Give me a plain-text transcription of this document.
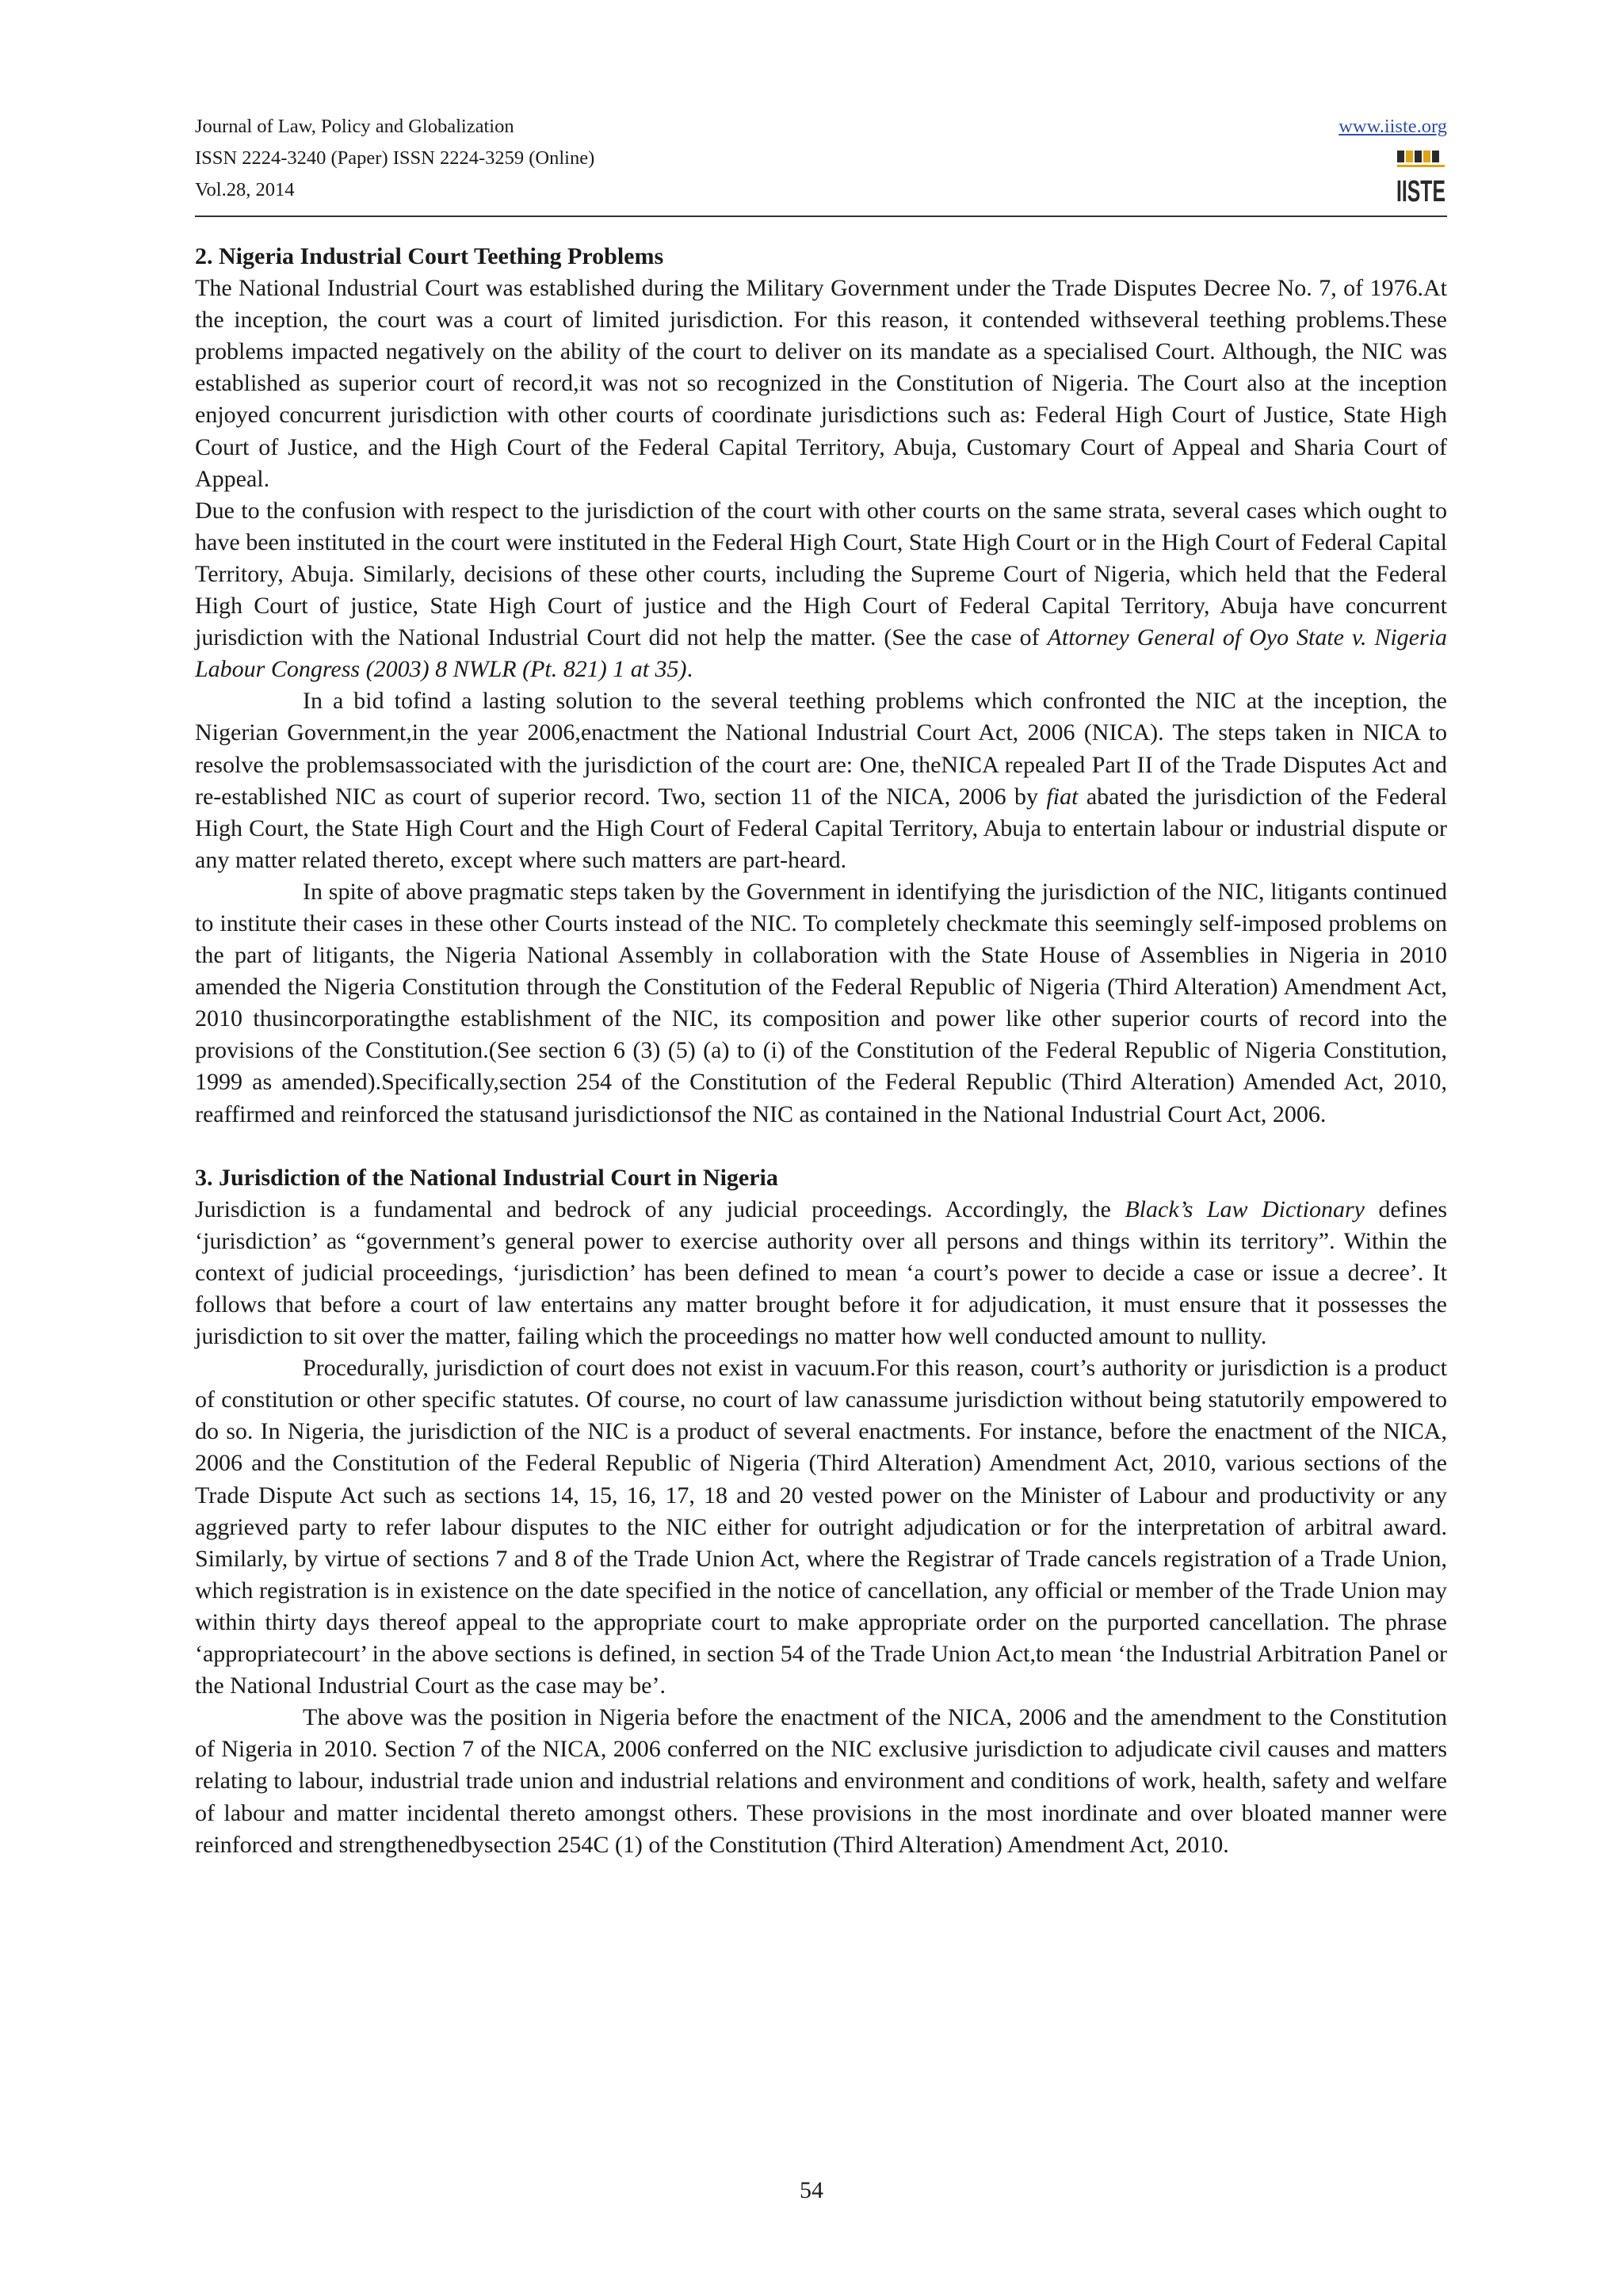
Journal of Law, Policy and Globalization
ISSN 2224-3240 (Paper) ISSN 2224-3259 (Online)
Vol.28, 2014
www.iiste.org
IISTE
2. Nigeria Industrial Court Teething Problems

The National Industrial Court was established during the Military Government under the Trade Disputes Decree No. 7, of 1976.At the inception, the court was a court of limited jurisdiction. For this reason, it contended withseveral teething problems.These problems impacted negatively on the ability of the court to deliver on its mandate as a specialised Court. Although, the NIC was established as superior court of record,it was not so recognized in the Constitution of Nigeria. The Court also at the inception enjoyed concurrent jurisdiction with other courts of coordinate jurisdictions such as: Federal High Court of Justice, State High Court of Justice, and the High Court of the Federal Capital Territory, Abuja, Customary Court of Appeal and Sharia Court of Appeal.

Due to the confusion with respect to the jurisdiction of the court with other courts on the same strata, several cases which ought to have been instituted in the court were instituted in the Federal High Court, State High Court or in the High Court of Federal Capital Territory, Abuja. Similarly, decisions of these other courts, including the Supreme Court of Nigeria, which held that the Federal High Court of justice, State High Court of justice and the High Court of Federal Capital Territory, Abuja have concurrent jurisdiction with the National Industrial Court did not help the matter. (See the case of Attorney General of Oyo State v. Nigeria Labour Congress (2003) 8 NWLR (Pt. 821) 1 at 35).

In a bid tofind a lasting solution to the several teething problems which confronted the NIC at the inception, the Nigerian Government,in the year 2006,enactment the National Industrial Court Act, 2006 (NICA). The steps taken in NICA to resolve the problemsassociated with the jurisdiction of the court are: One, theNICA repealed Part II of the Trade Disputes Act and re-established NIC as court of superior record. Two, section 11 of the NICA, 2006 by fiat abated the jurisdiction of the Federal High Court, the State High Court and the High Court of Federal Capital Territory, Abuja to entertain labour or industrial dispute or any matter related thereto, except where such matters are part-heard.

In spite of above pragmatic steps taken by the Government in identifying the jurisdiction of the NIC, litigants continued to institute their cases in these other Courts instead of the NIC. To completely checkmate this seemingly self-imposed problems on the part of litigants, the Nigeria National Assembly in collaboration with the State House of Assemblies in Nigeria in 2010 amended the Nigeria Constitution through the Constitution of the Federal Republic of Nigeria (Third Alteration) Amendment Act, 2010 thusincorporatingthe establishment of the NIC, its composition and power like other superior courts of record into the provisions of the Constitution.(See section 6 (3) (5) (a) to (i) of the Constitution of the Federal Republic of Nigeria Constitution, 1999 as amended).Specifically,section 254 of the Constitution of the Federal Republic (Third Alteration) Amended Act, 2010, reaffirmed and reinforced the statusand jurisdictionsof the NIC as contained in the National Industrial Court Act, 2006.

3. Jurisdiction of the National Industrial Court in Nigeria

Jurisdiction is a fundamental and bedrock of any judicial proceedings. Accordingly, the Black’s Law Dictionary defines ‘jurisdiction’ as “government’s general power to exercise authority over all persons and things within its territory”. Within the context of judicial proceedings, ‘jurisdiction’ has been defined to mean ‘a court’s power to decide a case or issue a decree’. It follows that before a court of law entertains any matter brought before it for adjudication, it must ensure that it possesses the jurisdiction to sit over the matter, failing which the proceedings no matter how well conducted amount to nullity.

Procedurally, jurisdiction of court does not exist in vacuum.For this reason, court’s authority or jurisdiction is a product of constitution or other specific statutes. Of course, no court of law canassume jurisdiction without being statutorily empowered to do so. In Nigeria, the jurisdiction of the NIC is a product of several enactments. For instance, before the enactment of the NICA, 2006 and the Constitution of the Federal Republic of Nigeria (Third Alteration) Amendment Act, 2010, various sections of the Trade Dispute Act such as sections 14, 15, 16, 17, 18 and 20 vested power on the Minister of Labour and productivity or any aggrieved party to refer labour disputes to the NIC either for outright adjudication or for the interpretation of arbitral award. Similarly, by virtue of sections 7 and 8 of the Trade Union Act, where the Registrar of Trade cancels registration of a Trade Union, which registration is in existence on the date specified in the notice of cancellation, any official or member of the Trade Union may within thirty days thereof appeal to the appropriate court to make appropriate order on the purported cancellation. The phrase ‘appropriatecourt’ in the above sections is defined, in section 54 of the Trade Union Act,to mean ‘the Industrial Arbitration Panel or the National Industrial Court as the case may be’.

The above was the position in Nigeria before the enactment of the NICA, 2006 and the amendment to the Constitution of Nigeria in 2010. Section 7 of the NICA, 2006 conferred on the NIC exclusive jurisdiction to adjudicate civil causes and matters relating to labour, industrial trade union and industrial relations and environment and conditions of work, health, safety and welfare of labour and matter incidental thereto amongst others. These provisions in the most inordinate and over bloated manner were reinforced and strengthenedbysection 254C (1) of the Constitution (Third Alteration) Amendment Act, 2010.

54
